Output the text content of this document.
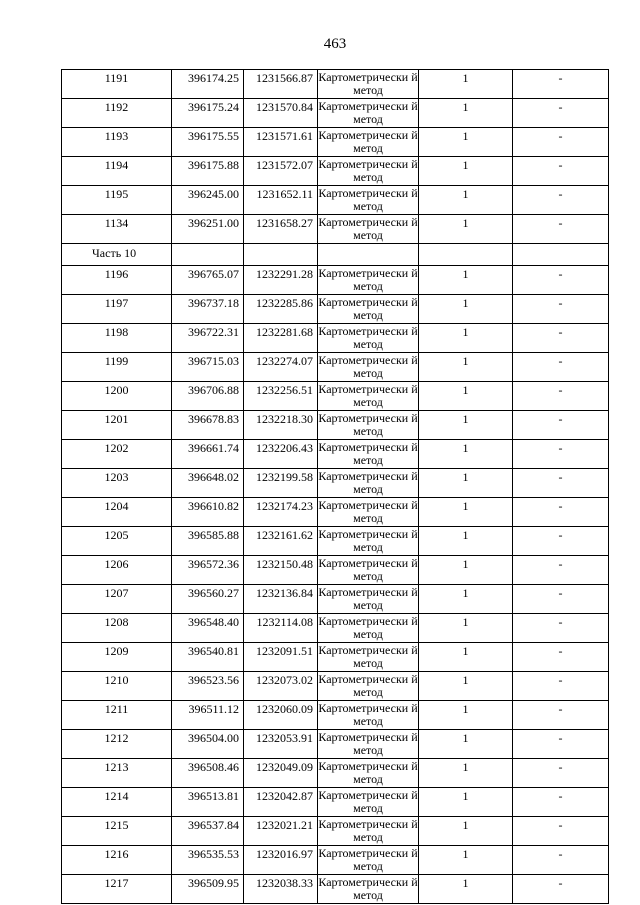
463
1191	396174.25	1231566.87	Картометрически й метод	1	-
1192	396175.24	1231570.84	Картометрически й метод	1	-
1193	396175.55	1231571.61	Картометрически й метод	1	-
1194	396175.88	1231572.07	Картометрически й метод	1	-
1195	396245.00	1231652.11	Картометрически й метод	1	-
1134	396251.00	1231658.27	Картометрически й метод	1	-
Часть 10					
1196	396765.07	1232291.28	Картометрически й метод	1	-
1197	396737.18	1232285.86	Картометрически й метод	1	-
1198	396722.31	1232281.68	Картометрически й метод	1	-
1199	396715.03	1232274.07	Картометрически й метод	1	-
1200	396706.88	1232256.51	Картометрически й метод	1	-
1201	396678.83	1232218.30	Картометрически й метод	1	-
1202	396661.74	1232206.43	Картометрически й метод	1	-
1203	396648.02	1232199.58	Картометрически й метод	1	-
1204	396610.82	1232174.23	Картометрически й метод	1	-
1205	396585.88	1232161.62	Картометрически й метод	1	-
1206	396572.36	1232150.48	Картометрически й метод	1	-
1207	396560.27	1232136.84	Картометрически й метод	1	-
1208	396548.40	1232114.08	Картометрически й метод	1	-
1209	396540.81	1232091.51	Картометрически й метод	1	-
1210	396523.56	1232073.02	Картометрически й метод	1	-
1211	396511.12	1232060.09	Картометрически й метод	1	-
1212	396504.00	1232053.91	Картометрически й метод	1	-
1213	396508.46	1232049.09	Картометрически й метод	1	-
1214	396513.81	1232042.87	Картометрически й метод	1	-
1215	396537.84	1232021.21	Картометрически й метод	1	-
1216	396535.53	1232016.97	Картометрически й метод	1	-
1217	396509.95	1232038.33	Картометрически й метод	1	-
